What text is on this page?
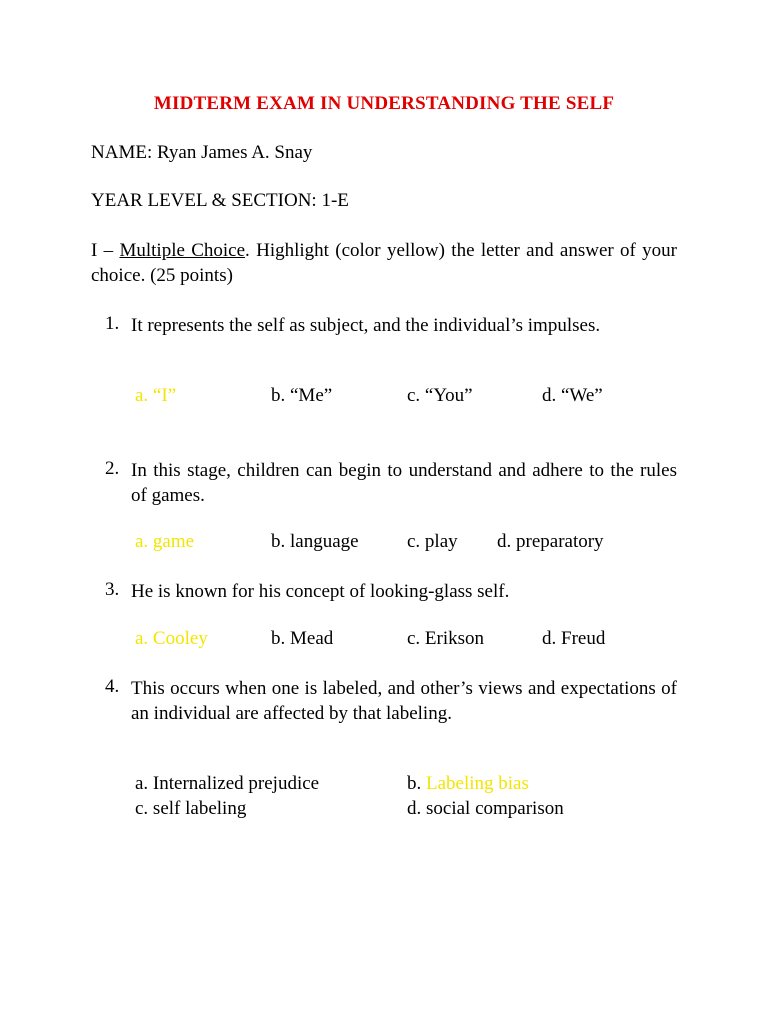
MIDTERM EXAM IN UNDERSTANDING THE SELF
NAME: Ryan James A. Snay
YEAR LEVEL & SECTION: 1-E
I – Multiple Choice. Highlight (color yellow) the letter and answer of your choice. (25 points)
1. It represents the self as subject, and the individual’s impulses.
a. “I”	b. “Me”	c. “You”	d. “We”
2. In this stage, children can begin to understand and adhere to the rules of games.
a. game	b. language	c. play d. preparatory
3. He is known for his concept of looking-glass self.
a. Cooley	b. Mead	c. Erikson	d. Freud
4. This occurs when one is labeled, and other’s views and expectations of an individual are affected by that labeling.
a. Internalized prejudice	b. Labeling bias
c. self labeling	d. social comparison
